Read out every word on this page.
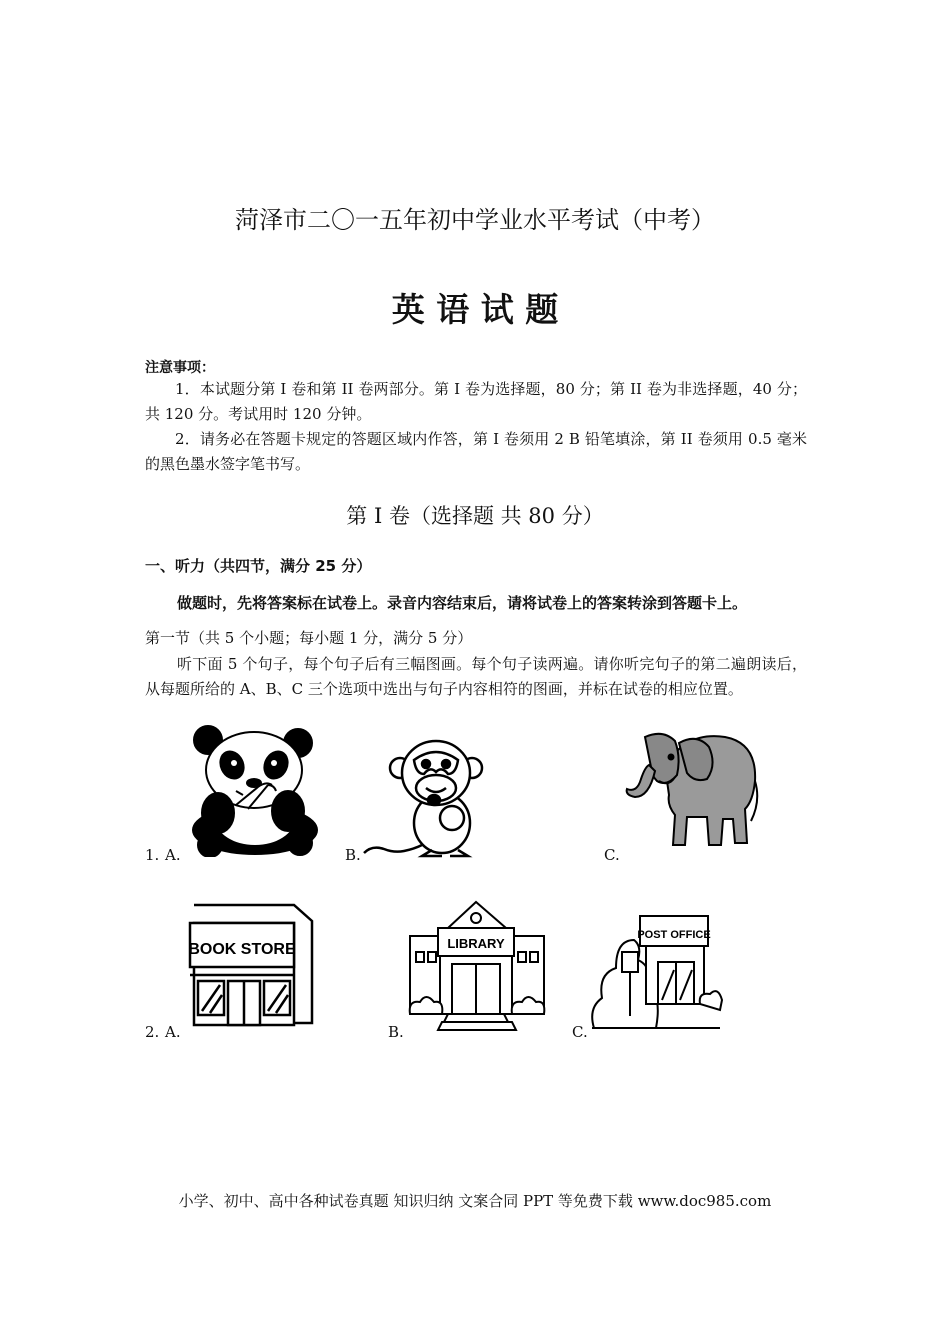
菏泽市二〇一五年初中学业水平考试（中考）
英 语 试 题
注意事项：
1．本试题分第 I 卷和第 II 卷两部分。第 I 卷为选择题，80 分；第 II 卷为非选择题，40 分；共 120 分。考试用时 120 分钟。
2．请务必在答题卡规定的答题区域内作答，第 I 卷须用 2 B 铅笔填涂，第 II 卷须用 0.5 毫米的黑色墨水签字笔书写。
第 I 卷（选择题 共 80 分）
一、听力（共四节，满分 25 分）
做题时，先将答案标在试卷上。录音内容结束后，请将试卷上的答案转涂到答题卡上。
第一节（共 5 个小题；每小题 1 分，满分 5 分）
听下面 5 个句子，每个句子后有三幅图画。每个句子读两遍。请你听完句子的第二遍朗读后，从每题所给的 A、B、C 三个选项中选出与句子内容相符的图画，并标在试卷的相应位置。
1. A.	B.	C.
2. A.	B.	C.
BOOK STORE	LIBRARY
POST OFFICE
小学、初中、高中各种试卷真题 知识归纳 文案合同 PPT 等免费下载 www.doc985.com
